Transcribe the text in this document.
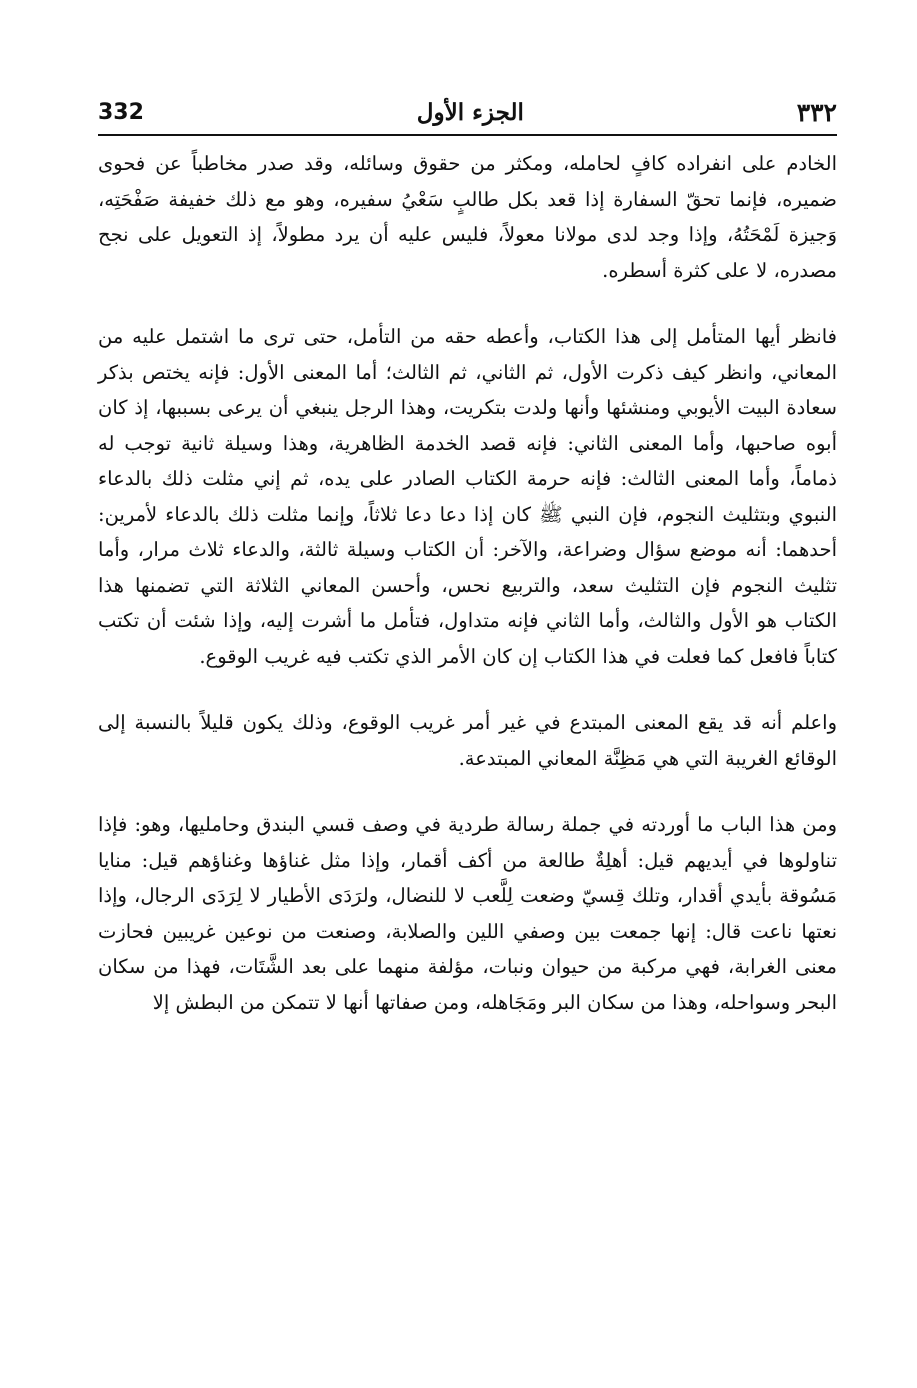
332	الجزء الأول	٣٣٢

الخادم على انفراده كافٍ لحامله، ومكثر من حقوق وسائله، وقد صدر مخاطباً عن فحوى ضميره، فإنما تحقّ السفارة إذا قعد بكل طالبٍ سَعْيُ سفيره، وهو مع ذلك خفيفة صَفْحَتِه، وَجيزة لَمْحَتُهُ، وإذا وجد لدى مولانا معولاً، فليس عليه أن يرد مطولاً، إذ التعويل على نجح مصدره، لا على كثرة أسطره.

فانظر أيها المتأمل إلى هذا الكتاب، وأعطه حقه من التأمل، حتى ترى ما اشتمل عليه من المعاني، وانظر كيف ذكرت الأول، ثم الثاني، ثم الثالث؛ أما المعنى الأول: فإنه يختص بذكر سعادة البيت الأيوبي ومنشئها وأنها ولدت بتكريت، وهذا الرجل ينبغي أن يرعى بسببها، إذ كان أبوه صاحبها، وأما المعنى الثاني: فإنه قصد الخدمة الظاهرية، وهذا وسيلة ثانية توجب له ذماماً، وأما المعنى الثالث: فإنه حرمة الكتاب الصادر على يده، ثم إني مثلت ذلك بالدعاء النبوي وبتثليث النجوم، فإن النبي ﷺ كان إذا دعا دعا ثلاثاً، وإنما مثلت ذلك بالدعاء لأمرين: أحدهما: أنه موضع سؤال وضراعة، والآخر: أن الكتاب وسيلة ثالثة، والدعاء ثلاث مرار، وأما تثليث النجوم فإن التثليث سعد، والتربيع نحس، وأحسن المعاني الثلاثة التي تضمنها هذا الكتاب هو الأول والثالث، وأما الثاني فإنه متداول، فتأمل ما أشرت إليه، وإذا شئت أن تكتب كتاباً فافعل كما فعلت في هذا الكتاب إن كان الأمر الذي تكتب فيه غريب الوقوع.

واعلم أنه قد يقع المعنى المبتدع في غير أمر غريب الوقوع، وذلك يكون قليلاً بالنسبة إلى الوقائع الغريبة التي هي مَظِنَّة المعاني المبتدعة.

ومن هذا الباب ما أوردته في جملة رسالة طردية في وصف قسي البندق وحامليها، وهو: فإذا تناولوها في أيديهم قيل: أهلِةٌ طالعة من أكف أقمار، وإذا مثل غناؤها وغناؤهم قيل: منايا مَسُوقة بأيدي أقدار، وتلك قِسيّ وضعت لِلَّعب لا للنضال، ولرَدَى الأطيار لا لِرَدَى الرجال، وإذا نعتها ناعت قال: إنها جمعت بين وصفي اللين والصلابة، وصنعت من نوعين غريبين فحازت معنى الغرابة، فهي مركبة من حيوان ونبات، مؤلفة منهما على بعد الشَّتَات، فهذا من سكان البحر وسواحله، وهذا من سكان البر ومَجَاهله، ومن صفاتها أنها لا تتمكن من البطش إلا
